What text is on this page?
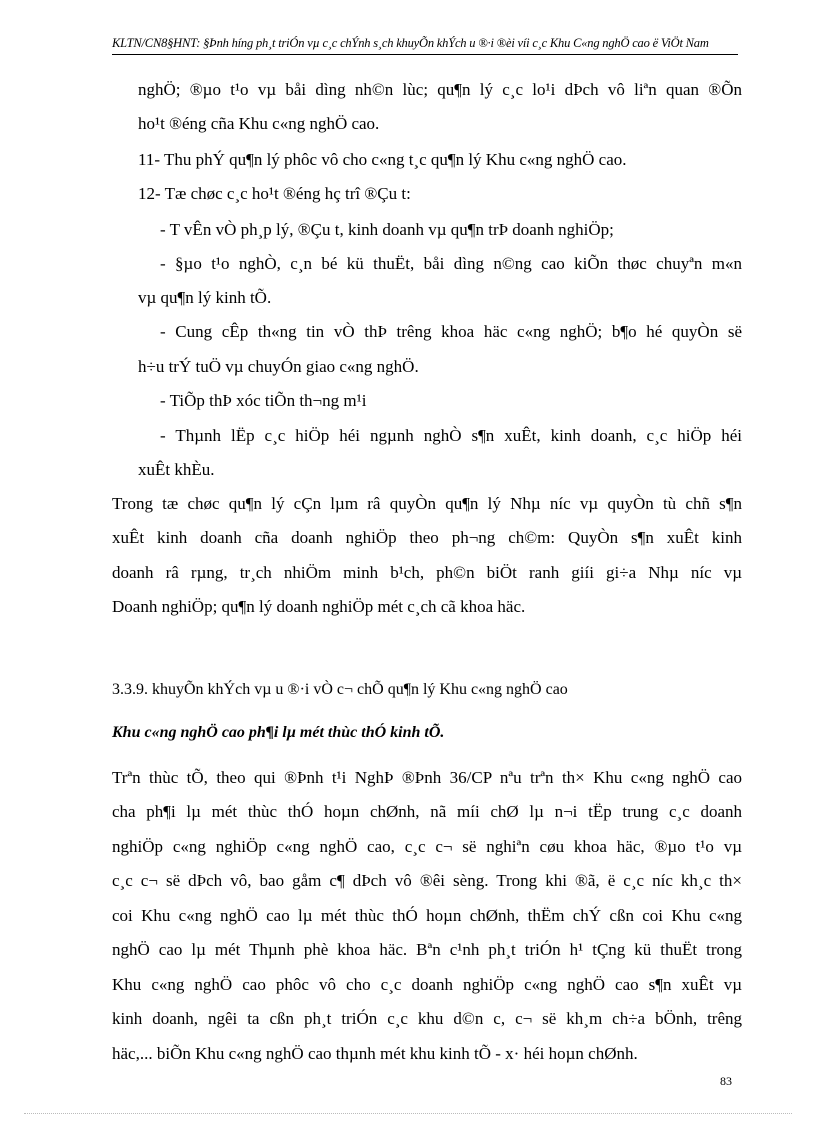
KLTN/CN8§HNT: §Þnh híng ph¸t triÓn vµ c¸c chÝnh s¸ch khuyÕn khÝch u ®·i ®èi víi c¸c Khu C«ng nghÖ cao ë ViÖt Nam
nghÖ; ®µo t¹o vµ båi dìng nh©n lùc; qu¶n lý c¸c lo¹i dÞch vô liªn quan ®Õn
ho¹t ®éng cña Khu c«ng nghÖ cao.
11- Thu phÝ qu¶n lý phôc vô cho c«ng t¸c qu¶n lý Khu c«ng nghÖ cao.
12- Tæ chøc c¸c ho¹t ®éng hç trî ®Çu t:
- T vÊn vÒ ph¸p lý, ®Çu t, kinh doanh vµ qu¶n trÞ doanh nghiÖp;
- §µo t¹o nghÒ, c¸n bé kü thuËt, båi dìng n©ng cao kiÕn thøc chuyªn m«n
vµ qu¶n lý kinh tÕ.
- Cung cÊp th«ng tin vÒ thÞ trêng khoa häc c«ng nghÖ; b¶o hé quyÒn së
h÷u trÝ tuÖ vµ chuyÓn giao c«ng nghÖ.
- TiÕp thÞ xóc tiÕn th¬ng m¹i
- Thµnh lËp c¸c hiÖp héi ngµnh nghÒ s¶n xuÊt, kinh doanh, c¸c hiÖp héi
xuÊt khÈu.
Trong tæ chøc qu¶n lý cÇn lµm râ quyÒn qu¶n lý Nhµ níc vµ quyÒn tù chñ s¶n
xuÊt kinh doanh cña doanh nghiÖp theo ph¬ng ch©m: QuyÒn s¶n xuÊt kinh
doanh râ rµng, tr¸ch nhiÖm minh b¹ch, ph©n biÖt ranh giíi gi÷a Nhµ níc vµ
Doanh nghiÖp; qu¶n lý doanh nghiÖp mét c¸ch cã khoa häc.
3.3.9. khuyÕn khÝch vµ u ®·i vÒ c¬ chÕ qu¶n lý Khu c«ng nghÖ cao
Khu c«ng nghÖ cao ph¶i lµ mét thùc thÓ kinh tÕ.
Trªn thùc tÕ, theo qui ®Þnh t¹i NghÞ ®Þnh 36/CP nªu trªn th× Khu c«ng nghÖ cao
cha ph¶i lµ mét thùc thÓ hoµn chØnh, nã míi chØ lµ n¬i tËp trung c¸c doanh
nghiÖp c«ng nghiÖp c«ng nghÖ cao, c¸c c¬ së nghiªn cøu khoa häc, ®µo t¹o vµ
c¸c c¬ së dÞch vô, bao gåm c¶ dÞch vô ®êi sèng. Trong khi ®ã, ë c¸c níc kh¸c th×
coi Khu c«ng nghÖ cao lµ mét thùc thÓ hoµn chØnh, thËm chÝ cßn coi Khu c«ng
nghÖ cao lµ mét Thµnh phè khoa häc. Bªn c¹nh ph¸t triÓn h¹ tÇng kü thuËt trong
Khu c«ng nghÖ cao phôc vô cho c¸c doanh nghiÖp c«ng nghÖ cao s¶n xuÊt vµ
kinh doanh, ngêi ta cßn ph¸t triÓn c¸c khu d©n c, c¬ së kh¸m ch÷a bÖnh, trêng
häc,... biÕn Khu c«ng nghÖ cao thµnh mét khu kinh tÕ - x· héi hoµn chØnh.
83
